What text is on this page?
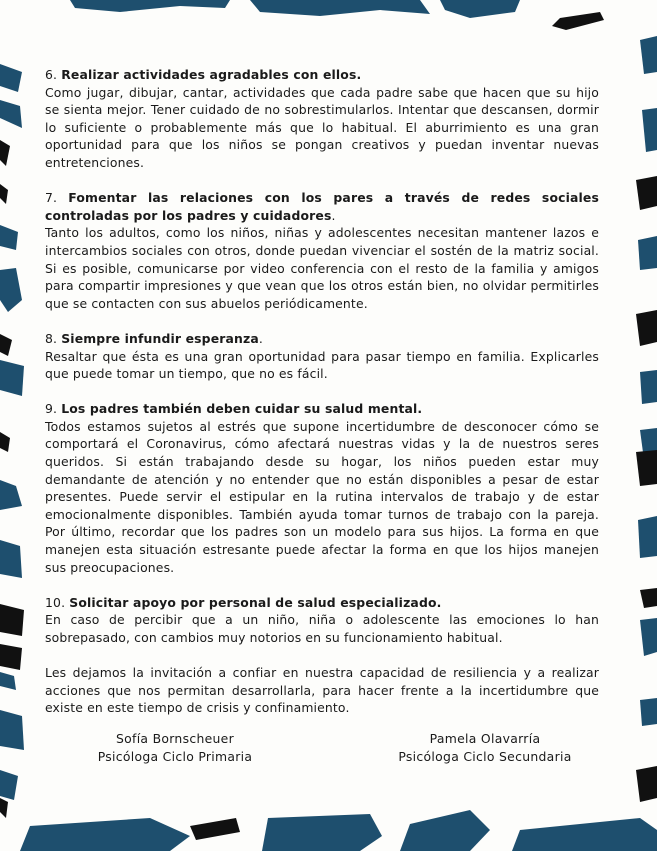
6. Realizar actividades agradables con ellos.

Como jugar, dibujar, cantar, actividades que cada padre sabe que hacen que su hijo se sienta mejor. Tener cuidado de no sobrestimularlos. Intentar que descansen, dormir lo suficiente o probablemente más que lo habitual. El aburrimiento es una gran oportunidad para que los niños se pongan creativos y puedan inventar nuevas entretenciones.

7. Fomentar las relaciones con los pares a través de redes sociales controladas por los padres y cuidadores.

Tanto los adultos, como los niños, niñas y adolescentes necesitan mantener lazos e intercambios sociales con otros, donde puedan vivenciar el sostén de la matriz social. Si es posible, comunicarse por video conferencia con el resto de la familia y amigos para compartir impresiones y que vean que los otros están bien, no olvidar permitirles que se contacten con sus abuelos periódicamente.

8. Siempre infundir esperanza.

Resaltar que ésta es una gran oportunidad para pasar tiempo en familia. Explicarles que puede tomar un tiempo, que no es fácil.

9. Los padres también deben cuidar su salud mental.

Todos estamos sujetos al estrés que supone incertidumbre de desconocer cómo se comportará el Coronavirus, cómo afectará nuestras vidas y la de nuestros seres queridos. Si están trabajando desde su hogar, los niños pueden estar muy demandante de atención y no entender que no están disponibles a pesar de estar presentes. Puede servir el estipular en la rutina intervalos de trabajo y de estar emocionalmente disponibles. También ayuda tomar turnos de trabajo con la pareja. Por último, recordar que los padres son un modelo para sus hijos. La forma en que manejen esta situación estresante puede afectar la forma en que los hijos manejen sus preocupaciones.

10. Solicitar apoyo por personal de salud especializado.

En caso de percibir que a un niño, niña o adolescente las emociones lo han sobrepasado, con cambios muy notorios en su funcionamiento habitual.

Les dejamos la invitación a confiar en nuestra capacidad de resiliencia y a realizar acciones que nos permitan desarrollarla, para hacer frente a la incertidumbre que existe en este tiempo de crisis y confinamiento.

Sofía Bornscheuer
Psicóloga Ciclo Primaria
Pamela Olavarría
Psicóloga Ciclo Secundaria
